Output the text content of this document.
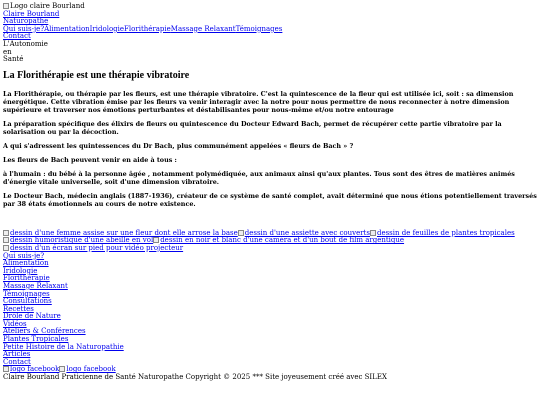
Logo claire Bourland
Claire Bourland
Naturopathe
Qui suis-je?AlimentationIridologieFlorithérapieMassage RelaxantTémoignages
Contact
L'Autonomie
en
Santé
La Florithérapie est une thérapie vibratoire

La Florithérapie, ou thérapie par les fleurs, est une thérapie vibratoire. C'est la quintescence de la fleur qui est utilisée ici, soit : sa dimension énergétique. Cette vibration émise par les fleurs va venir interagir avec la notre pour nous permettre de nous reconnecter à notre dimension supérieure et traverser nos émotions perturbantes et déstabilisantes pour nous-même et/ou notre entourage

La préparation spécifique des élixirs de fleurs ou quintescence du Docteur Edward Bach, permet de récupérer cette partie vibratoire par la solarisation ou par la décoction.

A qui s'adressent les quintessences du Dr Bach, plus communément appelées « fleurs de Bach » ?

Les fleurs de Bach peuvent venir en aide à tous :

à l'humain : du bébé à la personne âgée , notamment polymédiquée, aux animaux ainsi qu'aux plantes. Tous sont des êtres de matières animés d'énergie vitale universelle, soit d'une dimension vibratoire.

Le Docteur Bach, médecin anglais (1887-1936), créateur de ce système de santé complet, avait déterminé que nous étions potentiellement traversés par 38 états émotionnels au cours de notre existence.

dessin d'une femme assise sur une fleur dont elle arrose la base dessin d'une assiette avec couverts dessin de feuilles de plantes tropicales
dessin humoristique d'une abeille en vol dessin en noir et blanc d'une caméra et d'un bout de film argentiquedessin d'un écran sur pied pour vidéo projecteur
Qui suis-je?
Alimentation
Iridologie
Florithérapie
Massage Relaxant
Témoignages
Consultations
Recettes
Drôle de Nature
Vidéos
Ateliers & Conférences
Plantes Tropicales
Petite Histoire de la Naturopathie
Articles
Contact
logo facebook logo facebook
Claire Bourland Praticienne de Santé Naturopathe Copyright © 2025 *** Site joyeusement créé avec SILEX
